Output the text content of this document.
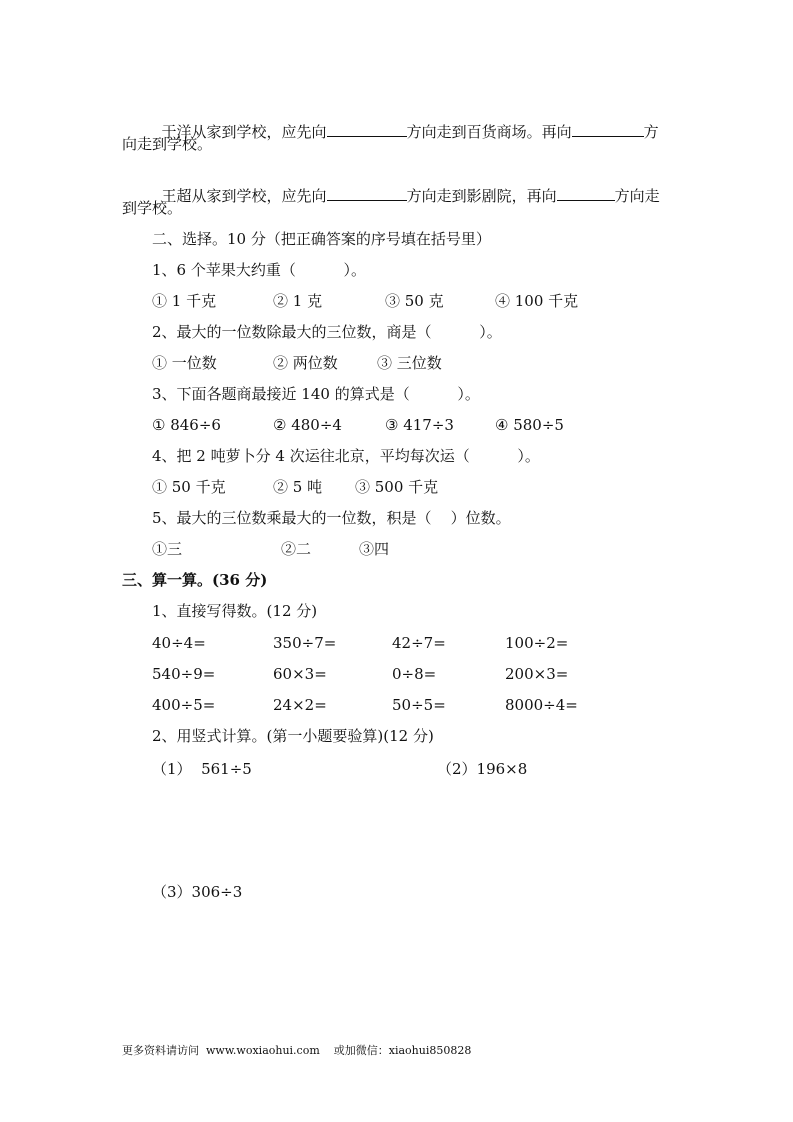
于洋从家到学校，应先向	方向走到百货商场。再向	方

向走到学校。

王超从家到学校，应先向	方向走到影剧院，再向	方向走

到学校。
二、选择。10 分（把正确答案的序号填在括号里）
1、6 个苹果大约重（          ）。
① 1 千克	② 1 克	③ 50 克	④ 100 千克
2、最大的一位数除最大的三位数，商是（          ）。
① 一位数	② 两位数	③ 三位数
3、下面各题商最接近 140 的算式是（          ）。
① 846÷6	② 480÷4	③ 417÷3	④ 580÷5
4、把 2 吨萝卜分 4 次运往北京，平均每次运（          ）。
① 50 千克	② 5 吨 ③ 500 千克
5、最大的三位数乘最大的一位数，积是（    ）位数。
①三	②二	③四
三、算一算。(36 分)
1、直接写得数。(12 分)
40÷4=	350÷7=	42÷7=	100÷2=
540÷9=	60×3=	0÷8=	200×3=
400÷5=	24×2=	50÷5=	8000÷4=
2、用竖式计算。(第一小题要验算)(12 分)
（1）  561÷5	（2）196×8
（3）306÷3
更多资料请访问  www.woxiaohui.com    或加微信：xiaohui850828
